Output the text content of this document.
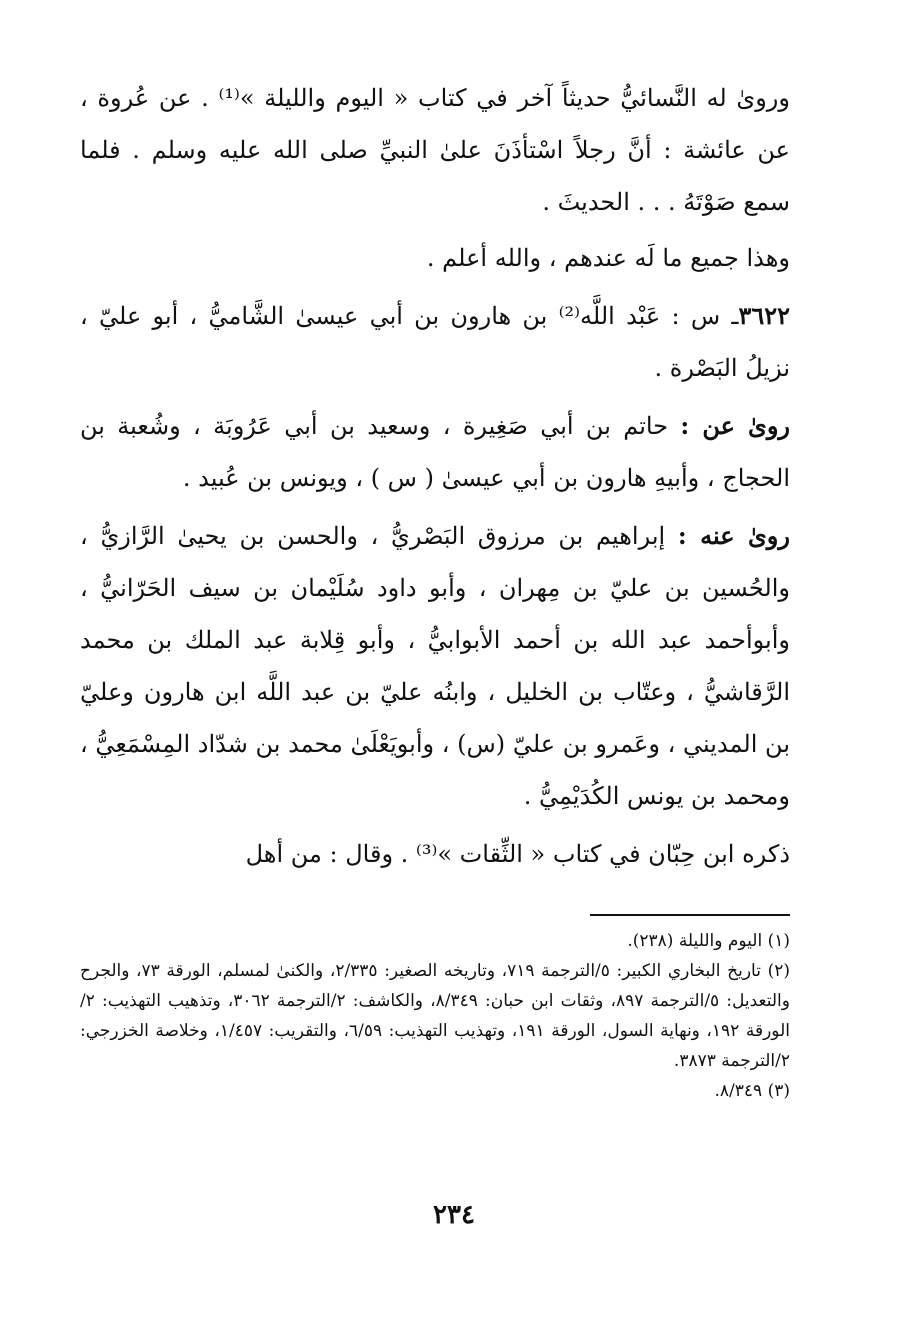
ورویٰ له النَّسائيُّ حديثاً آخر في كتاب « اليوم والليلة »⁽¹⁾ . عن عُروة ، عن عائشة : أنَّ رجلاً اسْتأذَنَ علىٰ النبيِّ صلى الله عليه وسلم . فلما سمع صَوْتَهُ . . . الحديثَ .

وهذا جميع ما لَه عندهم ، والله أعلم .

٣٦٢٢ـ س : عَبْد اللَّه⁽²⁾ بن هارون بن أبي عيسىٰ الشَّاميُّ ، أبو عليّ ، نزيلُ البَصْرة .

رویٰ عن : حاتم بن أبي صَغِيرة ، وسعيد بن أبي عَرُوبَة ، وشُعبة بن الحجاج ، وأبيهِ هارون بن أبي عيسىٰ ( س ) ، ويونس بن عُبيد .

رویٰ عنه : إبراهيم بن مرزوق البَصْريُّ ، والحسن بن يحيىٰ الرَّازيُّ ، والحُسين بن عليّ بن مِهران ، وأبو داود سُلَيْمان بن سيف الحَرّانيُّ ، وأبوأحمد عبد الله بن أحمد الأبوابيُّ ، وأبو قِلابة عبد الملك بن محمد الرَّقاشيُّ ، وعتّاب بن الخليل ، وابنُه عليّ بن عبد اللَّه ابن هارون وعليّ بن المديني ، وعَمرو بن عليّ (س) ، وأبويَعْلَىٰ محمد بن شدّاد المِسْمَعِيُّ ، ومحمد بن يونس الكُدَيْمِيُّ .

ذكره ابن حِبّان في كتاب « الثِّقات »⁽³⁾ . وقال : من أهل

(١) اليوم والليلة (٢٣٨).

(٢) تاريخ البخاري الكبير: ٥/الترجمة ٧١٩، وتاريخه الصغير: ٢/٣٣٥، والكنىٰ لمسلم، الورقة ٧٣، والجرح والتعديل: ٥/الترجمة ٨٩٧، وثقات ابن حبان: ٨/٣٤٩، والكاشف: ٢/الترجمة ٣٠٦٢، وتذهيب التهذيب: ٢/الورقة ١٩٢، ونهاية السول، الورقة ١٩١، وتهذيب التهذيب: ٦/٥٩، والتقريب: ١/٤٥٧، وخلاصة الخزرجي: ٢/الترجمة ٣٨٧٣.

(٣) ٨/٣٤٩.

٢٣٤
